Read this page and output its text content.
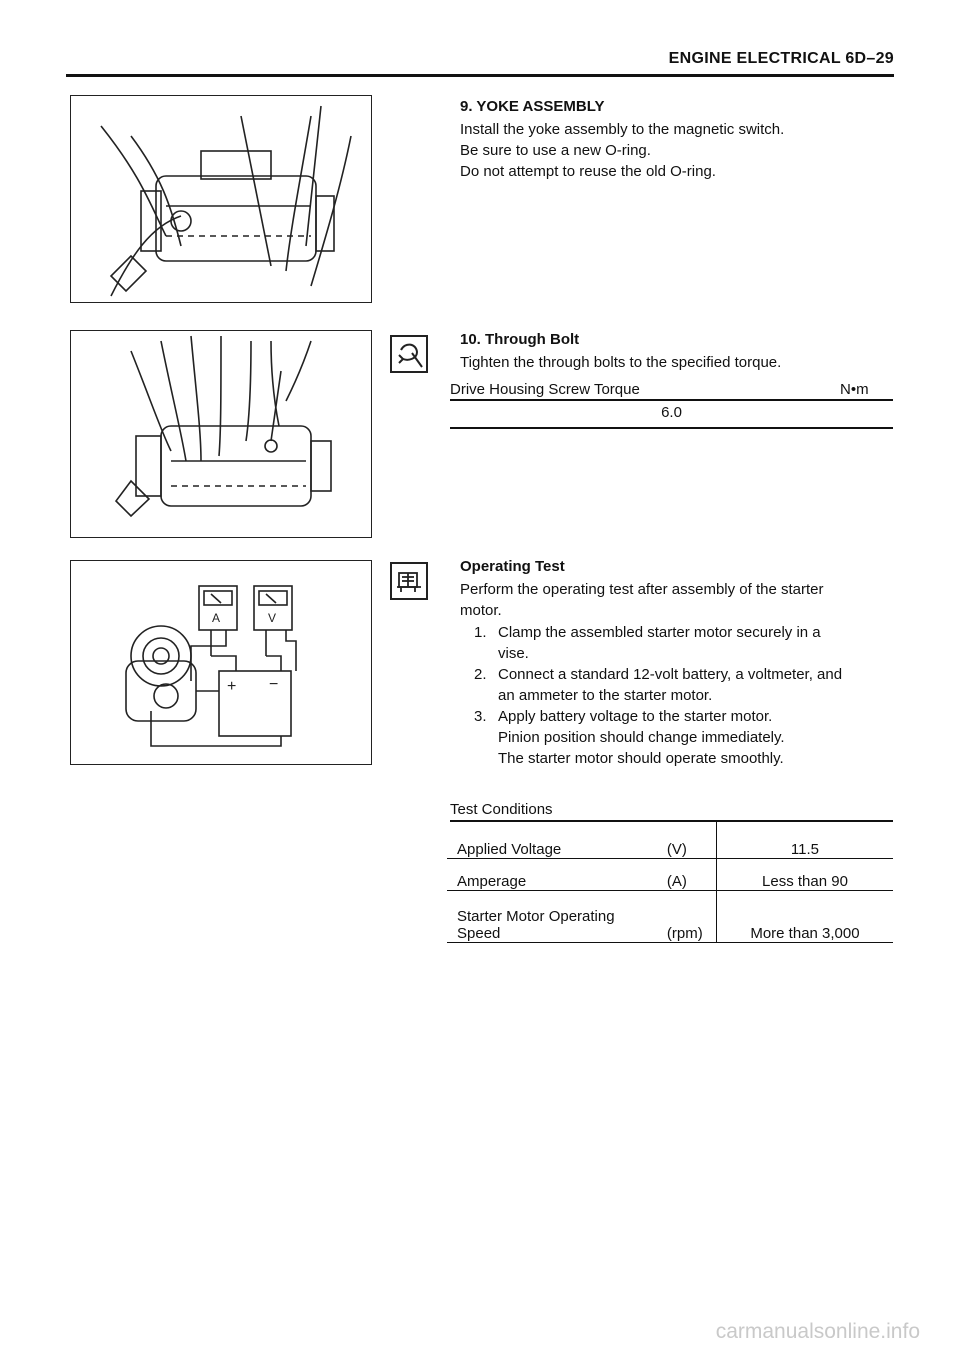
ENGINE ELECTRICAL 6D–29
A	V
+ −
9. YOKE ASSEMBLY
Install the yoke assembly to the magnetic switch.
Be sure to use a new O-ring.
Do not attempt to reuse the old O-ring.
10. Through Bolt
Tighten the through bolts to the specified torque.
Drive Housing Screw Torque	N•m
6.0
Operating Test
Perform the operating test after assembly of the starter
motor.
1. Clamp the assembled starter motor securely in a
vise.
2. Connect a standard 12-volt battery, a voltmeter, and
an ammeter to the starter motor.
3. Apply battery voltage to the starter motor.
Pinion position should change immediately.
The starter motor should operate smoothly.
Test Conditions
Applied Voltage	(V)	11.5
Amperage	(A)	Less than 90

Starter Motor Operating
Speed	(rpm)	More than 3,000
carmanualsonline.info
